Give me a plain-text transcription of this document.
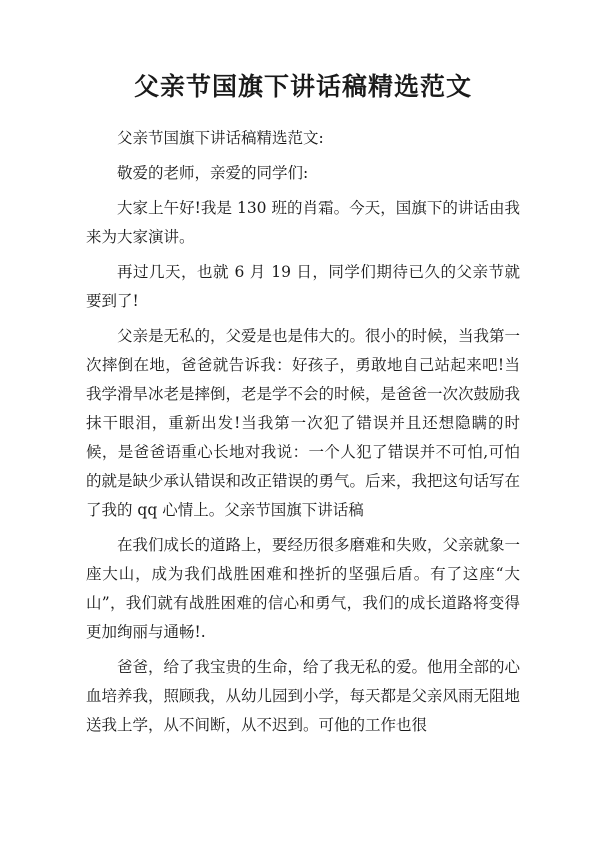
父亲节国旗下讲话稿精选范文

父亲节国旗下讲话稿精选范文:

敬爱的老师，亲爱的同学们:

大家上午好!我是 130 班的肖霜。今天，国旗下的讲话由我来为大家演讲。

再过几天，也就 6 月 19 日，同学们期待已久的父亲节就要到了!

父亲是无私的，父爱是也是伟大的。很小的时候，当我第一次摔倒在地，爸爸就告诉我：好孩子，勇敢地自己站起来吧!当我学滑旱冰老是摔倒，老是学不会的时候，是爸爸一次次鼓励我抹干眼泪，重新出发!当我第一次犯了错误并且还想隐瞒的时候，是爸爸语重心长地对我说：一个人犯了错误并不可怕,可怕的就是缺少承认错误和改正错误的勇气。后来，我把这句话写在了我的 qq 心情上。父亲节国旗下讲话稿

在我们成长的道路上，要经历很多磨难和失败，父亲就象一座大山，成为我们战胜困难和挫折的坚强后盾。有了这座“大山”，我们就有战胜困难的信心和勇气，我们的成长道路将变得更加绚丽与通畅!.

爸爸，给了我宝贵的生命，给了我无私的爱。他用全部的心血培养我，照顾我，从幼儿园到小学，每天都是父亲风雨无阻地送我上学，从不间断，从不迟到。可他的工作也很
